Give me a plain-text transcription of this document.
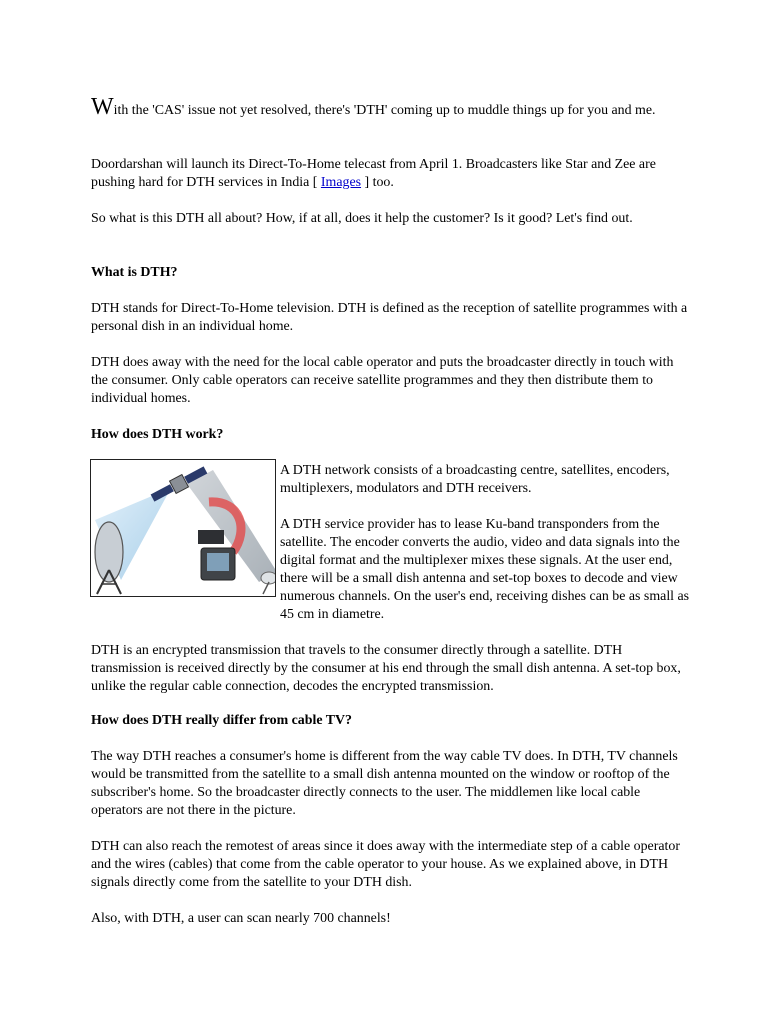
With the 'CAS' issue not yet resolved, there's 'DTH' coming up to muddle things up for you and me.

Doordarshan will launch its Direct-To-Home telecast from April 1. Broadcasters like Star and Zee are pushing hard for DTH services in India [ Images ] too.

So what is this DTH all about? How, if at all, does it help the customer? Is it good? Let's find out.

What is DTH?

DTH stands for Direct-To-Home television. DTH is defined as the reception of satellite programmes with a personal dish in an individual home.

DTH does away with the need for the local cable operator and puts the broadcaster directly in touch with the consumer. Only cable operators can receive satellite programmes and they then distribute them to individual homes.

How does DTH work?

A DTH network consists of a broadcasting centre, satellites, encoders, multiplexers, modulators and DTH receivers.

A DTH service provider has to lease Ku-band transponders from the satellite. The encoder converts the audio, video and data signals into the digital format and the multiplexer mixes these signals. At the user end, there will be a small dish antenna and set-top boxes to decode and view numerous channels. On the user's end, receiving dishes can be as small as 45 cm in diametre.

DTH is an encrypted transmission that travels to the consumer directly through a satellite. DTH transmission is received directly by the consumer at his end through the small dish antenna. A set-top box, unlike the regular cable connection, decodes the encrypted transmission.

How does DTH really differ from cable TV?

The way DTH reaches a consumer's home is different from the way cable TV does. In DTH, TV channels would be transmitted from the satellite to a small dish antenna mounted on the window or rooftop of the subscriber's home. So the broadcaster directly connects to the user. The middlemen like local cable operators are not there in the picture.

DTH can also reach the remotest of areas since it does away with the intermediate step of a cable operator and the wires (cables) that come from the cable operator to your house. As we explained above, in DTH signals directly come from the satellite to your DTH dish.

Also, with DTH, a user can scan nearly 700 channels!
